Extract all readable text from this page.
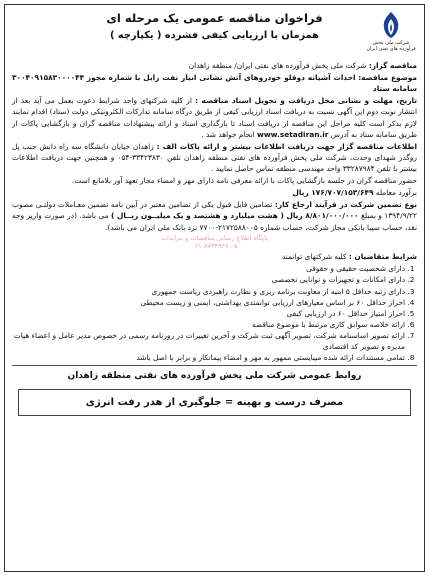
شرکت ملی پخش فرآورده های نفتی ایران
فراخوان مناقصه عمومی یک مرحله ای
همزمان با ارزیابی کیفی فشرده ( یکپارچه )

مناقصه گزار: شرکت ملی پخش فرآورده های نفتی ایران/ منطقه زاهدان

موضوع مناقصه: احداث آشیانه دوقلو خودروهای آتش نشانی انبار نفت زابل با شماره مجوز ۳۰۰۴۰۹۱۵۸۳۰۰۰۰۴۴ سامانه ستاد

تاریخ، مهلت و نشانی محل دریافت و تحویل اسناد مناقصه : از کلیه شرکتهای واجد شرایط دعوت بعمل می آید بعد از انتشار نوبت دوم این آگهی نسبت به دریافت اسناد ارزیابی کیفی از طریق درگاه سامانه تدارکات الکترونیکی دولت (ستاد) اقدام نمایند لازم بذکر است کلیه مراحل این مناقصه از دریافت اسناد تا بارگذاری اسناد و ارائه پیشنهادات مناقصه گران و بازگشایی پاکات از طریق سامانه ستاد به آدرس www.setadiran.ir انجام خواهد شد .

اطلاعات مناقصه گزار جهت دریافت اطلاعات بیشتر و ارائه پاکات الف : زاهدان خیابان دانشگاه سه راه دانش جنب پل روگذر شهدای وحدت، شرکت ملی پخش فرآورده های نفتی منطقه زاهدان تلفن ۳۳۴۲۳۸۳۰-۰۵۴ و همچنین جهت دریافت اطلاعات بیشتر با تلفن ۳۳۲۸۷۹۸۴ واحد مهندسی منطقه تماس حاصل نمایید .

حضور مناقصه گران در جلسه بازگشایی پاکات با ارائه معرفی نامه دارای مهر و امضاء مجاز تعهد آور بلامانع است.

برآورد معامله ۱۷۶/۷۰۷/۱۵۳/۶۴۹ ریال

نوع تضمین شرکت در فرآیند ارجاع کار: تضامین قابل قبول یکی از تضامین معتبر در آیین نامه تضمین معـاملات دولتـی مصوب ۱۳۹۴/۹/۲۲ و بمبلغ ۸/۸۰۱/۰۰۰/۰۰۰ ریال ( هشت میلیارد و هشتصد و یک میلیــون ریــال ) می باشد. (در صورت واریز وجه نقد، حساب سیبا بانکی مجاز شرکت، حساب شماره ۲۱۷۲۵۸۸۰۰۵-۷۷۰۰ نزد بانک ملی ایران می باشد).

پایگاه اطلاع رسانی مناقصات و مزایدات
۰۲۱-۸۸۳۴۹۶۷۰-۵

شرایط متقاضیان : کلیه شرکتهای توانمند

1. دارای شخصیت حقیقی و حقوقی
2. دارای امکانات و تجهیزات و توانایی تخصصی
3. دارای رتبه حداقل ۵ ابنیه از معاونت برنامه ریزی و نظارت راهبردی ریاست جمهوری
4. احراز حداقل ۶۰ بر اساس معیارهای ارزیابی توانمندی بهداشتی، ایمنی و زیست محیطی
5. احراز امتیاز حداقل ۶۰ در ارزیابی کیفی
6. ارائه خلاصه سوابق کاری مرتبط با موضوع مناقصه
7. ارائه تصویر اساسنامه شرکت، تصویر آگهی ثبت شرکت و آخرین تغییرات در روزنامه رسمی در خصوص مدیر عامل و اعضاء هیات مدیره و تصویر کد اقتصادی
8. تمامی مستندات ارائه شده میبایستی ممهور به مهر و امضاء پیمانکار و برابر با اصل باشد
روابط عمومی شرکت ملی پخش فرآورده های نفتی منطقه زاهدان
مصرف درست و بهینه = جلوگیری از هدر رفت انرژی
